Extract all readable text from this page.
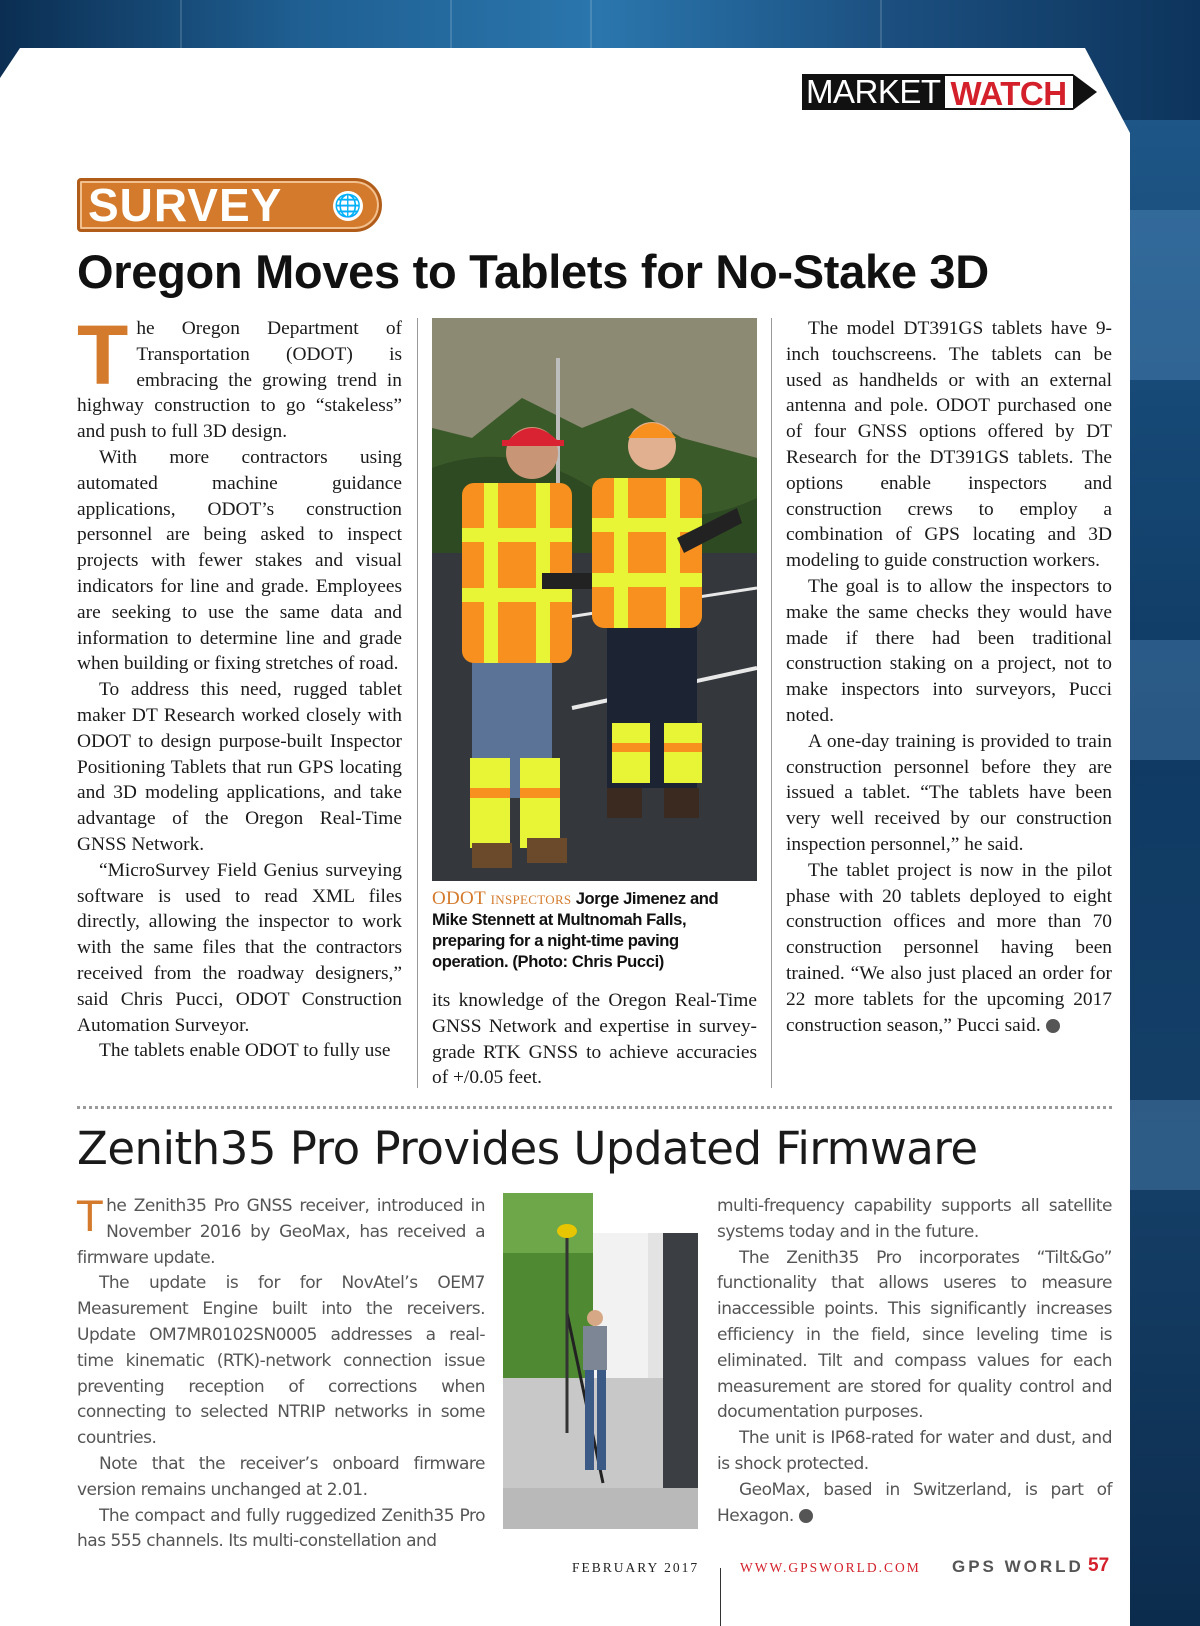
MARKET WATCH
SURVEY 🌐
Oregon Moves to Tablets for No-Stake 3D
T he Oregon Department of Transportation (ODOT) is embracing the growing trend in highway construction to go “stakeless” and push to full 3D design.

With more contractors using automated machine guidance applications, ODOT’s construction personnel are being asked to inspect projects with fewer stakes and visual indicators for line and grade. Employees are seeking to use the same data and information to determine line and grade when building or fixing stretches of road.

To address this need, rugged tablet maker DT Research worked closely with ODOT to design purpose-built Inspector Positioning Tablets that run GPS locating and 3D modeling applications, and take advantage of the Oregon Real-Time GNSS Network.

“MicroSurvey Field Genius surveying software is used to read XML files directly, allowing the inspector to work with the same files that the contractors received from the roadway designers,” said Chris Pucci, ODOT Construction Automation Surveyor.

The tablets enable ODOT to fully use

ODOT inspectors Jorge Jimenez and Mike Stennett at Multnomah Falls, preparing for a night-time paving operation. (Photo: Chris Pucci)

its knowledge of the Oregon Real-Time GNSS Network and expertise in survey-grade RTK GNSS to achieve accuracies of +/0.05 feet.

The model DT391GS tablets have 9-inch touchscreens. The tablets can be used as handhelds or with an external antenna and pole. ODOT purchased one of four GNSS options offered by DT Research for the DT391GS tablets. The options enable inspectors and construction crews to employ a combination of GPS locating and 3D modeling to guide construction workers.

The goal is to allow the inspectors to make the same checks they would have made if there had been traditional construction staking on a project, not to make inspectors into surveyors, Pucci noted.

A one-day training is provided to train construction personnel before they are issued a tablet. “The tablets have been very well received by our construction inspection personnel,” he said.

The tablet project is now in the pilot phase with 20 tablets deployed to eight construction offices and more than 70 construction personnel having been trained. “We also just placed an order for 22 more tablets for the upcoming 2017 construction season,” Pucci said. ●

Zenith35 Pro Provides Updated Firmware
T he Zenith35 Pro GNSS receiver, introduced in November 2016 by GeoMax, has received a firmware update.

The update is for for NovAtel’s OEM7 Measurement Engine built into the receivers. Update OM7MR0102SN0005 addresses a real-time kinematic (RTK)-network connection issue preventing reception of corrections when connecting to selected NTRIP networks in some countries.

Note that the receiver’s onboard firmware version remains unchanged at 2.01.

The compact and fully ruggedized Zenith35 Pro has 555 channels. Its multi-constellation and

multi-frequency capability supports all satellite systems today and in the future.

The Zenith35 Pro incorporates “Tilt&Go” functionality that allows useres to measure inaccessible points. This significantly increases efficiency in the field, since leveling time is eliminated. Tilt and compass values for each measurement are stored for quality control and documentation purposes.

The unit is IP68-rated for water and dust, and is shock protected.

GeoMax, based in Switzerland, is part of Hexagon. ●

FEBRUARY 2017	WWW.GPSWORLD.COM GPS WORLD 57
